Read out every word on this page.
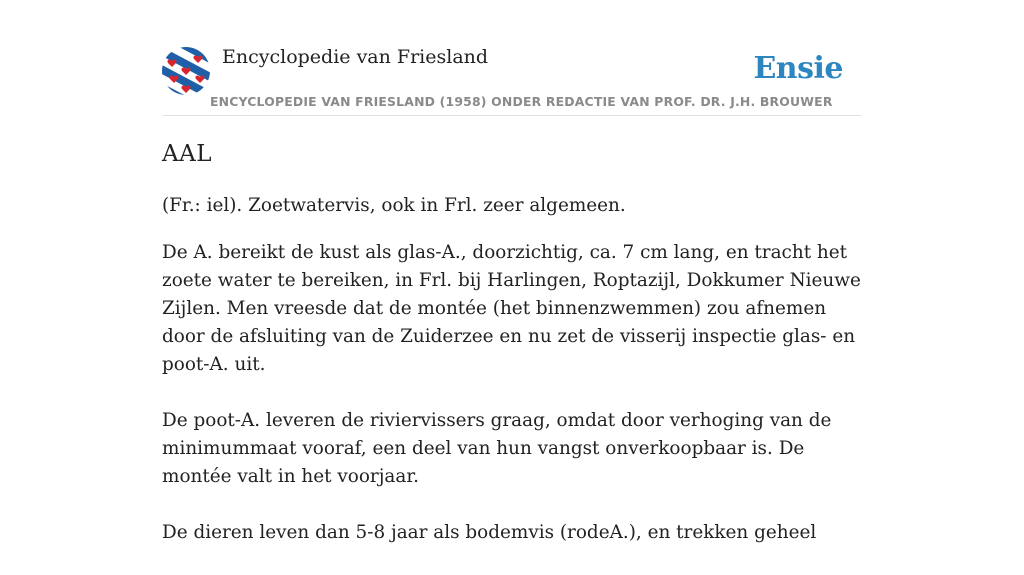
Encyclopedie van Friesland	Ensie
ENCYCLOPEDIE VAN FRIESLAND (1958) ONDER REDACTIE VAN PROF. DR. J.H. BROUWER
AAL

(Fr.: iel). Zoetwatervis, ook in Frl. zeer algemeen.

De A. bereikt de kust als glas-A., doorzichtig, ca. 7 cm lang, en tracht het zoete water te bereiken, in Frl. bij Harlingen, Roptazijl, Dokkumer Nieuwe Zijlen. Men vreesde dat de montée (het binnenzwemmen) zou afnemen door de afsluiting van de Zuiderzee en nu zet de visserij inspectie glas- en poot-A. uit.

De poot-A. leveren de riviervissers graag, omdat door verhoging van de minimummaat vooraf, een deel van hun vangst onverkoopbaar is. De montée valt in het voorjaar.

De dieren leven dan 5-8 jaar als bodemvis (rodeA.), en trekken geheel
